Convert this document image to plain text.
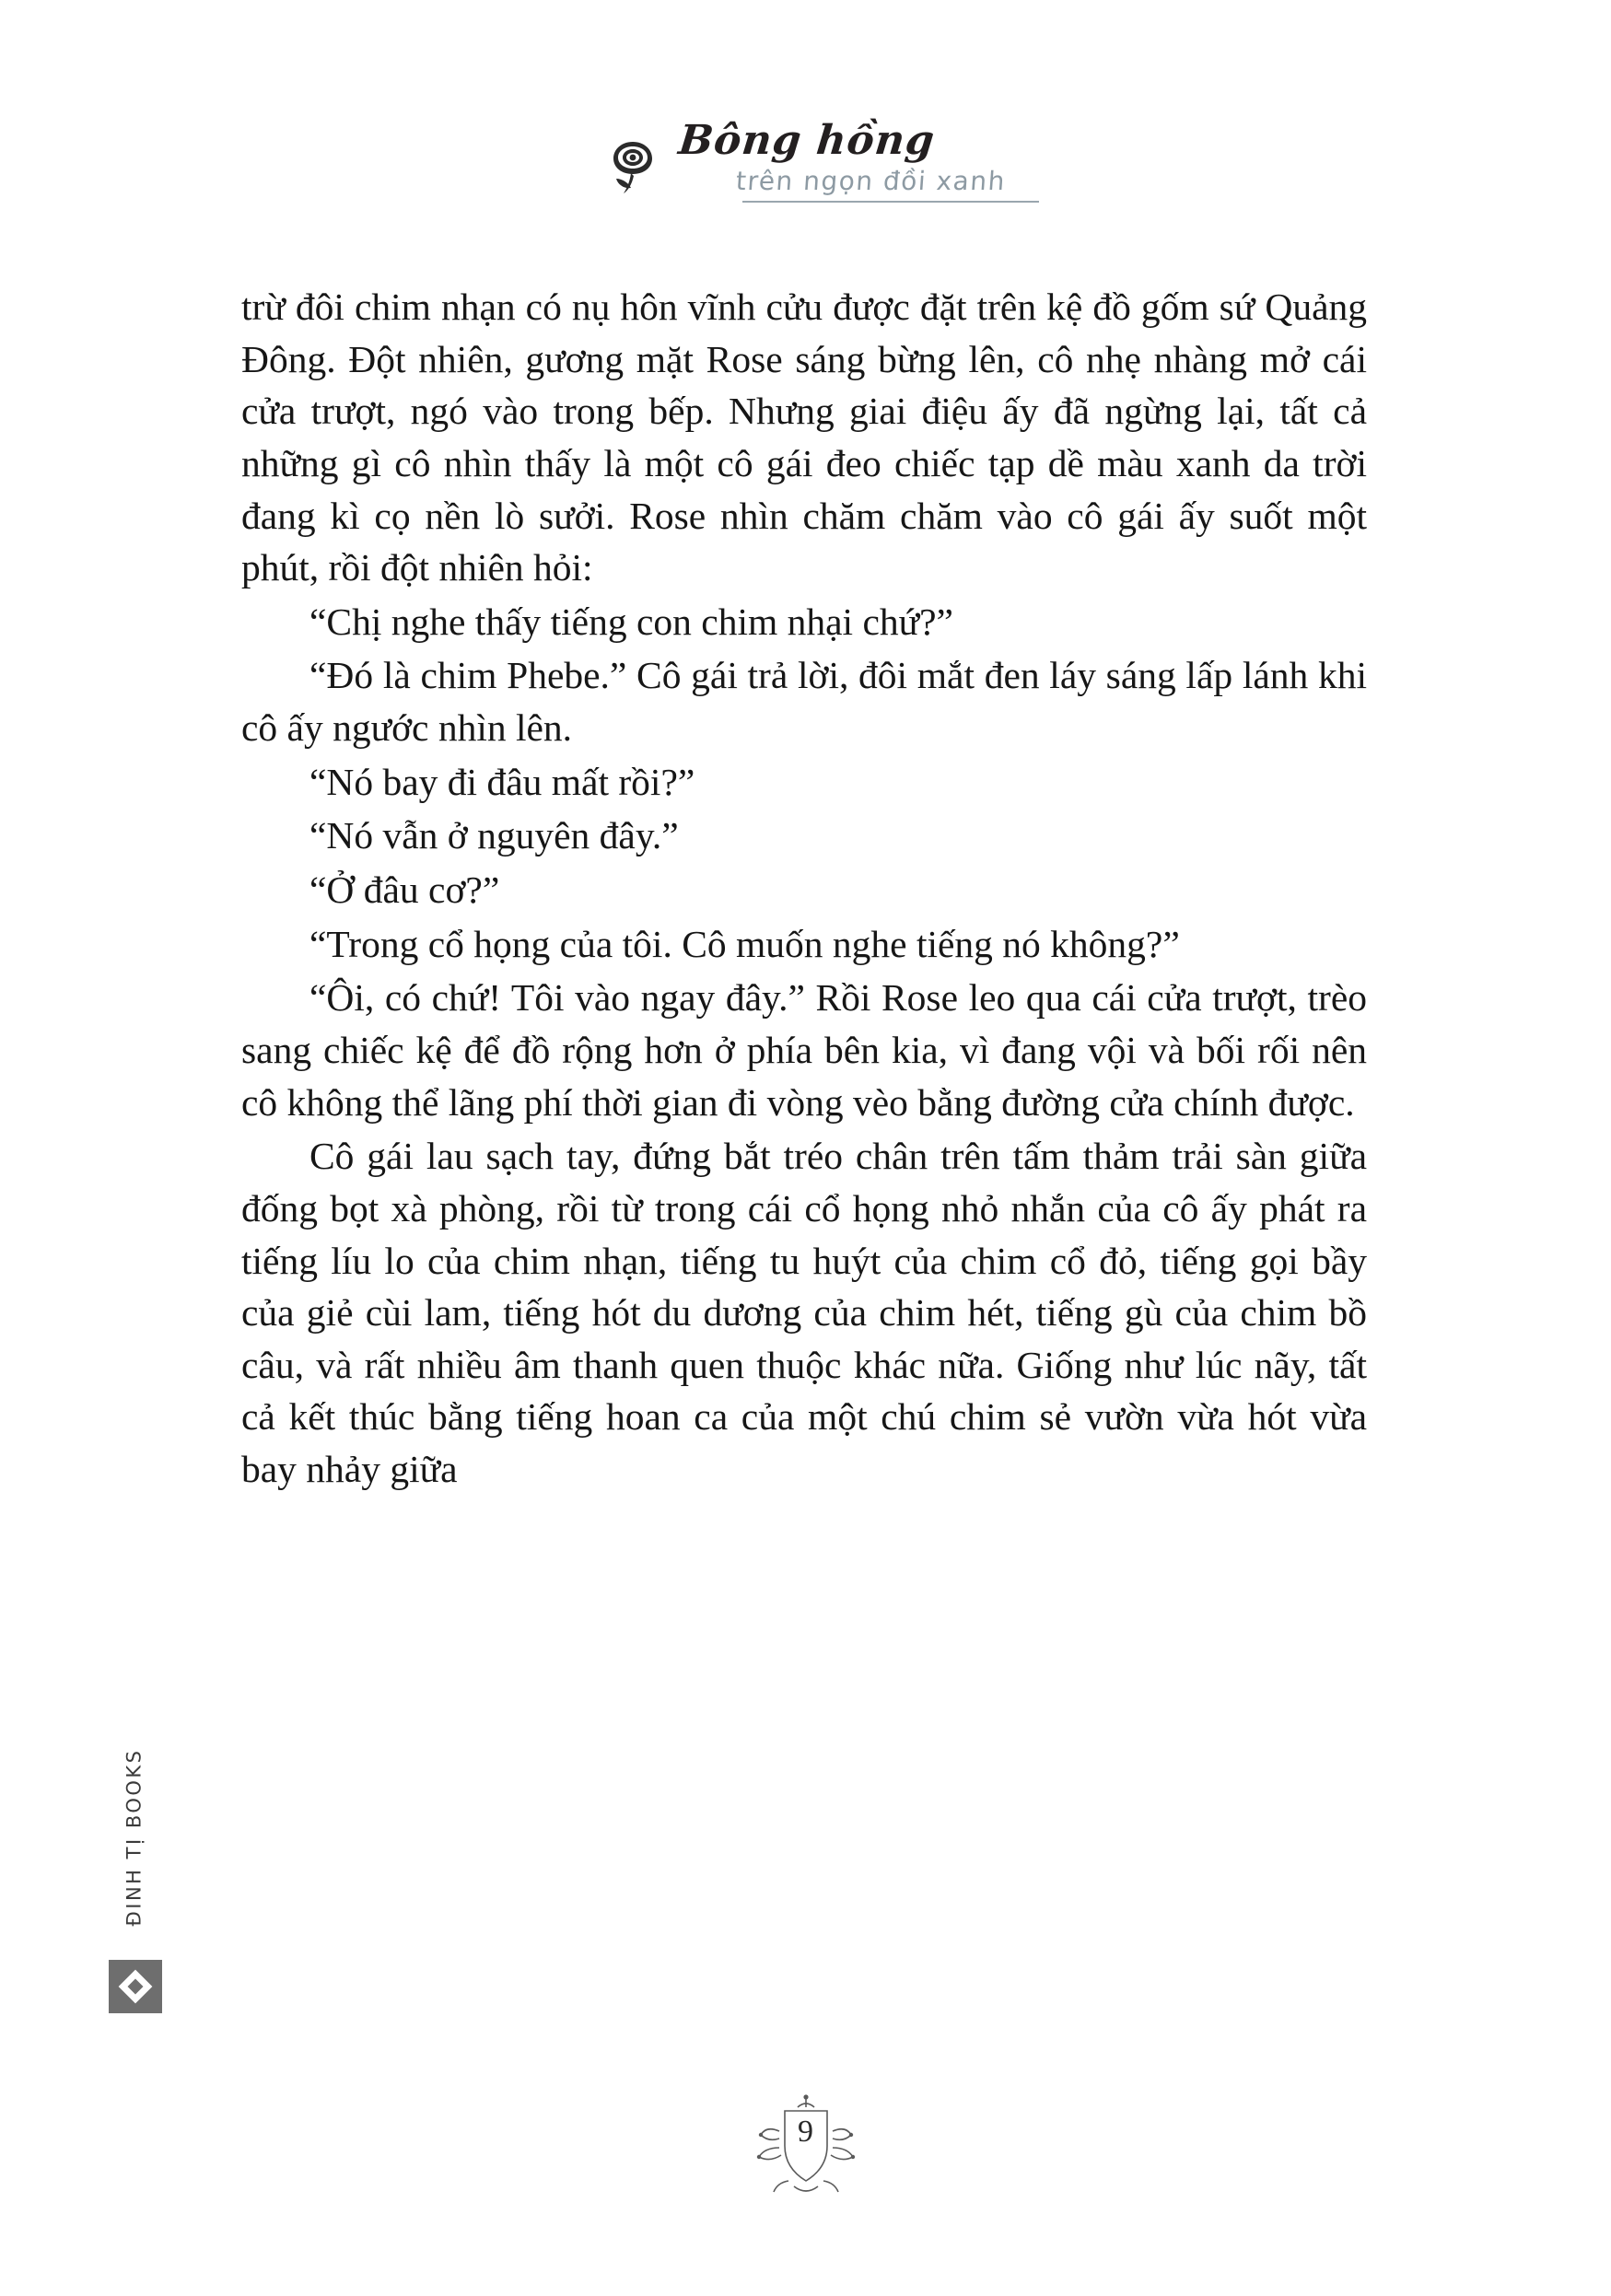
Bông hồng
trên ngọn đồi xanh

trừ đôi chim nhạn có nụ hôn vĩnh cửu được đặt trên kệ đồ gốm sứ Quảng Đông. Đột nhiên, gương mặt Rose sáng bừng lên, cô nhẹ nhàng mở cái cửa trượt, ngó vào trong bếp. Nhưng giai điệu ấy đã ngừng lại, tất cả những gì cô nhìn thấy là một cô gái đeo chiếc tạp dề màu xanh da trời đang kì cọ nền lò sưởi. Rose nhìn chăm chăm vào cô gái ấy suốt một phút, rồi đột nhiên hỏi:

“Chị nghe thấy tiếng con chim nhại chứ?”

“Đó là chim Phebe.” Cô gái trả lời, đôi mắt đen láy sáng lấp lánh khi cô ấy ngước nhìn lên.

“Nó bay đi đâu mất rồi?”

“Nó vẫn ở nguyên đây.”

“Ở đâu cơ?”

“Trong cổ họng của tôi. Cô muốn nghe tiếng nó không?”

“Ôi, có chứ! Tôi vào ngay đây.” Rồi Rose leo qua cái cửa trượt, trèo sang chiếc kệ để đồ rộng hơn ở phía bên kia, vì đang vội và bối rối nên cô không thể lãng phí thời gian đi vòng vèo bằng đường cửa chính được.

Cô gái lau sạch tay, đứng bắt tréo chân trên tấm thảm trải sàn giữa đống bọt xà phòng, rồi từ trong cái cổ họng nhỏ nhắn của cô ấy phát ra tiếng líu lo của chim nhạn, tiếng tu huýt của chim cổ đỏ, tiếng gọi bầy của giẻ cùi lam, tiếng hót du dương của chim hét, tiếng gù của chim bồ câu, và rất nhiều âm thanh quen thuộc khác nữa. Giống như lúc nãy, tất cả kết thúc bằng tiếng hoan ca của một chú chim sẻ vườn vừa hót vừa bay nhảy giữa

ĐINH TỊ BOOKS
9
